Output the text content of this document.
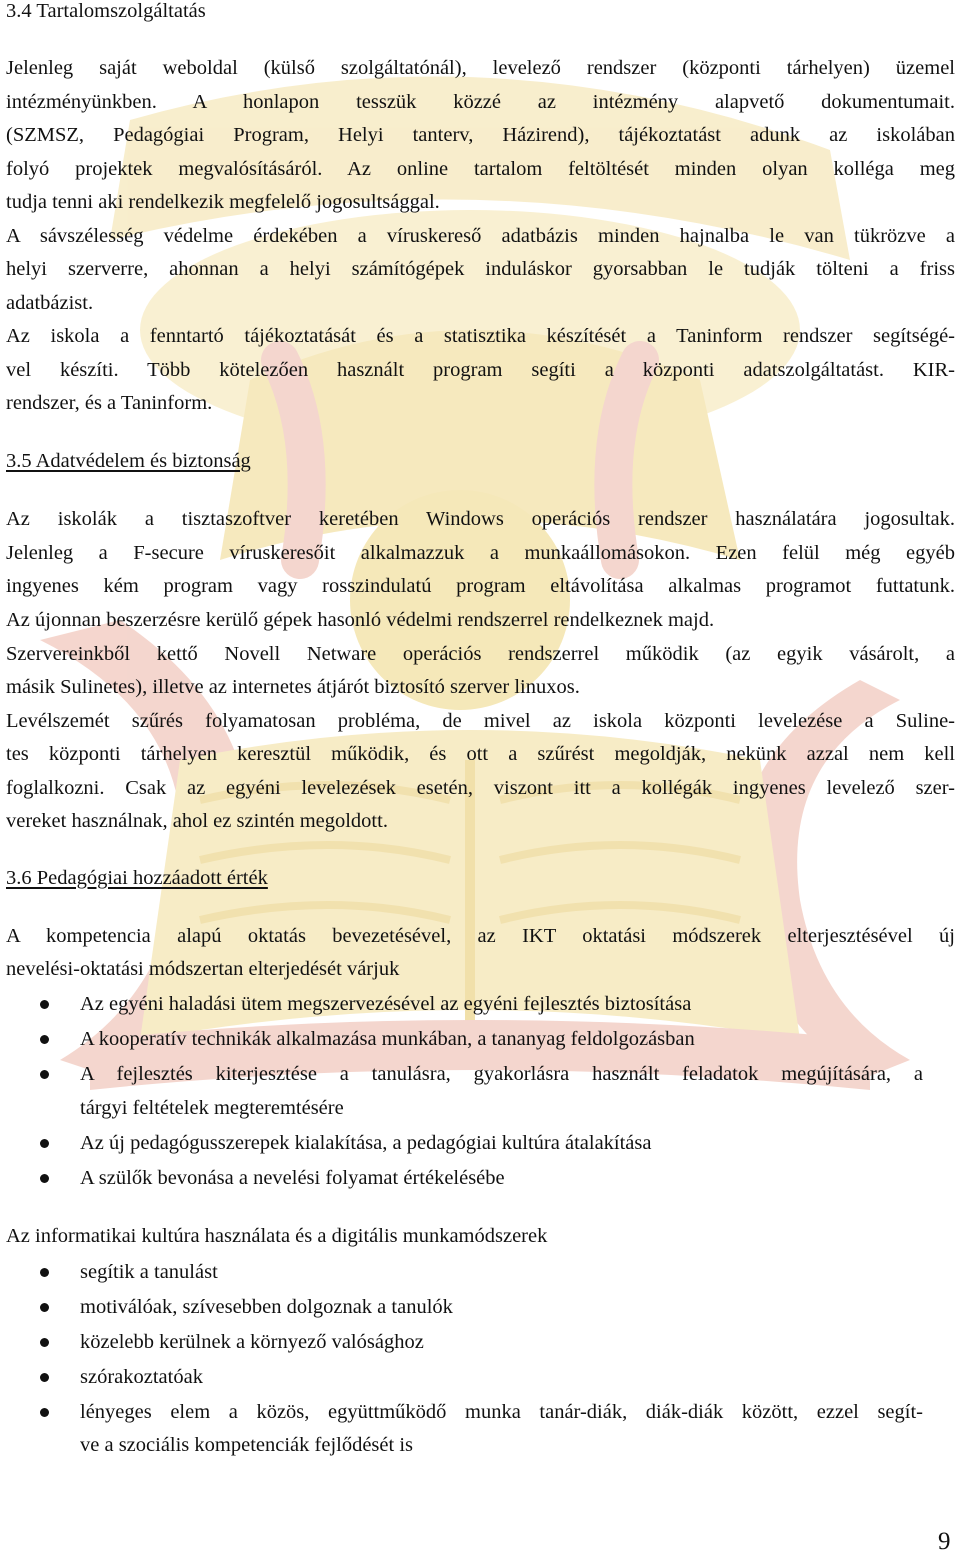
3.4 Tartalomszolgáltatás
Jelenleg saját weboldal (külső szolgáltatónál), levelező rendszer (központi tárhelyen) üzemel
intézményünkben. A honlapon tesszük közzé az intézmény alapvető dokumentumait.
(SZMSZ, Pedagógiai Program, Helyi tanterv, Házirend), tájékoztatást adunk az iskolában
folyó projektek megvalósításáról. Az online tartalom feltöltését minden olyan kolléga meg
tudja tenni aki rendelkezik megfelelő jogosultsággal.
A sávszélesség védelme érdekében a víruskereső adatbázis minden hajnalba le van tükrözve a
helyi szerverre, ahonnan a helyi számítógépek induláskor gyorsabban le tudják tölteni a friss
adatbázist.
Az iskola a fenntartó tájékoztatását és a statisztika készítését a Taninform rendszer segítségé-
vel készíti. Több kötelezően használt program segíti a központi adatszolgáltatást. KIR-
rendszer, és a Taninform.
3.5 Adatvédelem és biztonság
Az iskolák a tisztaszoftver keretében Windows operációs rendszer használatára jogosultak.
Jelenleg a F-secure víruskeresőit alkalmazzuk a munkaállomásokon. Ezen felül még egyéb
ingyenes kém program vagy rosszindulatú program eltávolítása alkalmas programot futtatunk.
Az újonnan beszerzésre kerülő gépek hasonló védelmi rendszerrel rendelkeznek majd.
Szervereinkből kettő Novell Netware operációs rendszerrel működik (az egyik vásárolt, a
másik Sulinetes), illetve az internetes átjárót biztosító szerver linuxos.
Levélszemét szűrés folyamatosan probléma, de mivel az iskola központi levelezése a Suline-
tes központi tárhelyen keresztül működik, és ott a szűrést megoldják, nekünk azzal nem kell
foglalkozni. Csak az egyéni levelezések esetén, viszont itt a kollégák ingyenes levelező szer-
vereket használnak, ahol ez szintén megoldott.
3.6 Pedagógiai hozzáadott érték
A kompetencia alapú oktatás bevezetésével, az IKT oktatási módszerek elterjesztésével új
nevelési-oktatási módszertan elterjedését várjuk
Az egyéni haladási ütem megszervezésével az egyéni fejlesztés biztosítása
A kooperatív technikák alkalmazása munkában, a tananyag feldolgozásban
A fejlesztés kiterjesztése a tanulásra, gyakorlásra használt feladatok megújítására, a
tárgyi feltételek megteremtésére
Az új pedagógusszerepek kialakítása, a pedagógiai kultúra átalakítása
A szülők bevonása a nevelési folyamat értékelésébe
Az informatikai kultúra használata és a digitális munkamódszerek
segítik a tanulást
motiválóak, szívesebben dolgoznak a tanulók
közelebb kerülnek a környező valósághoz
szórakoztatóak
lényeges elem a közös, együttműködő munka tanár-diák, diák-diák között, ezzel segít-
ve a szociális kompetenciák fejlődését is
9
